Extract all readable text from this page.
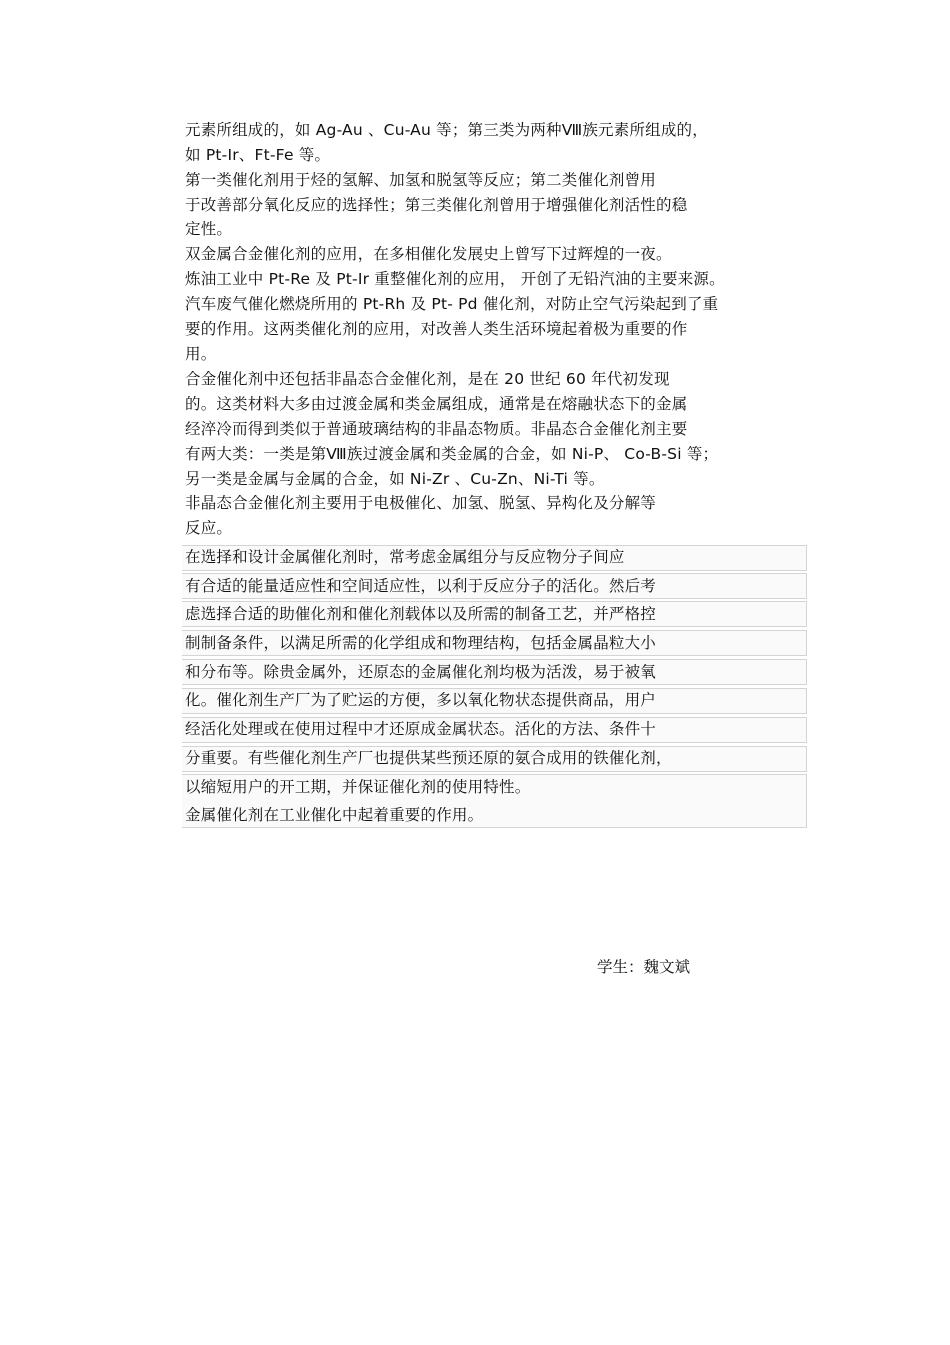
元素所组成的，如 Ag-Au 、Cu-Au 等；第三类为两种Ⅷ族元素所组成的，
如 Pt-Ir、Ft-Fe 等。
第一类催化剂用于烃的氢解、加氢和脱氢等反应；第二类催化剂曾用
于改善部分氧化反应的选择性；第三类催化剂曾用于增强催化剂活性的稳
定性。
双金属合金催化剂的应用，在多相催化发展史上曾写下过辉煌的一夜。
炼油工业中 Pt-Re 及 Pt-Ir 重整催化剂的应用， 开创了无铅汽油的主要来源。
汽车废气催化燃烧所用的 Pt-Rh 及 Pt- Pd 催化剂，对防止空气污染起到了重
要的作用。这两类催化剂的应用，对改善人类生活环境起着极为重要的作
用。
合金催化剂中还包括非晶态合金催化剂，是在 20 世纪 60 年代初发现
的。这类材料大多由过渡金属和类金属组成，通常是在熔融状态下的金属
经淬冷而得到类似于普通玻璃结构的非晶态物质。非晶态合金催化剂主要
有两大类：一类是第Ⅷ族过渡金属和类金属的合金，如 Ni-P、 Co-B-Si 等；
另一类是金属与金属的合金，如 Ni-Zr 、Cu-Zn、Ni-Ti 等。
非晶态合金催化剂主要用于电极催化、加氢、脱氢、异构化及分解等
反应。
在选择和设计金属催化剂时，常考虑金属组分与反应物分子间应
有合适的能量适应性和空间适应性，以利于反应分子的活化。然后考
虑选择合适的助催化剂和催化剂载体以及所需的制备工艺，并严格控
制制备条件，以满足所需的化学组成和物理结构，包括金属晶粒大小
和分布等。除贵金属外，还原态的金属催化剂均极为活泼，易于被氧
化。催化剂生产厂为了贮运的方便，多以氧化物状态提供商品，用户
经活化处理或在使用过程中才还原成金属状态。活化的方法、条件十
分重要。有些催化剂生产厂也提供某些预还原的氨合成用的铁催化剂，
以缩短用户的开工期，并保证催化剂的使用特性。
金属催化剂在工业催化中起着重要的作用。
学生：魏文斌
